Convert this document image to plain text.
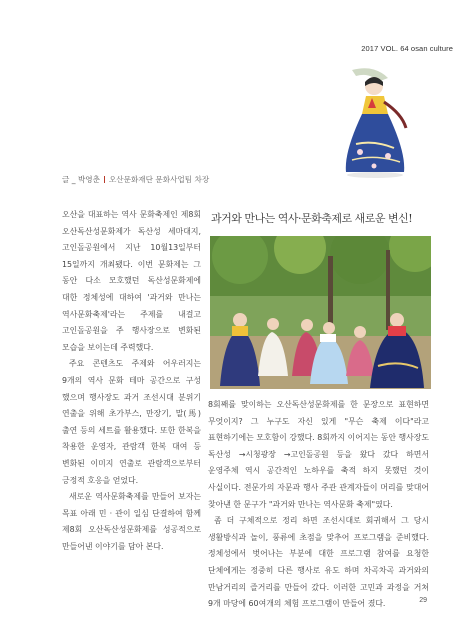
2017 VOL. 64 osan culture
글 _ 박영춘 오산문화재단 문화사업팀 차장

오산을 대표하는 역사 문화축제인 제8회 오산독산성문화제가 독산성 세마대지, 고인돌공원에서 지난 10월13일부터 15일까지 개최됐다. 이번 문화제는 그 동안 다소 모호했던 독산성문화제에 대한 정체성에 대하여 '과거와 만나는 역사문화축제'라는 주제를 내걸고 고인돌공원을 주 행사장으로 변화된 모습을 보이는데 주력했다.

주요 콘텐츠도 주제와 어우러지는 9개의 역사 문화 테마 공간으로 구성 했으며 행사장도 과거 조선시대 분위기 연출을 위해 초가부스, 만장기, 말(馬) 출연 등의 세트를 활용했다. 또한 한복을 착용한 운영자, 관람객 한복 대여 등 변화된 이미지 연출로 관람객으로부터 긍정적 호응을 얻었다.

새로운 역사문화축제를 만들어 보자는 목표 아래 민 · 관이 일심 단결하여 함께 제8회 오산독산성문화제를 성공적으로 만들어낸 이야기를 담아 본다.

과거와 만나는 역사·문화축제로 새로운 변신!

8회째를 맞이하는 오산독산성문화제를 한 문장으로 표현하면 무엇이지? 그 누구도 자신 있게 "무슨 축제 이다"라고 표현하기에는 모호함이 강했다. 8회까지 이어지는 동안 행사장도 독산성 →시청광장 →고인돌공원 등을 왔다 갔다 하면서 운영주체 역시 공간적인 노하우를 축적 하지 못했던 것이 사실이다. 전문가의 자문과 행사 주관 관계자들이 머리를 맞대어 찾아낸 한 문구가 "과거와 만나는 역사문화 축제"였다.

좀 더 구체적으로 정리 하면 조선시대로 회귀해서 그 당시 생활방식과 놀이, 풍류에 초점을 맞추어 프로그램을 준비했다. 정체성에서 벗어나는 부분에 대한 프로그램 참여를 요청한 단체에게는 정중히 다른 행사로 유도 하며 차곡차곡 과거와의 만남거리의 즐거리를 만들어 갔다. 이러한 고민과 과정을 거쳐 9개 마당에 60여개의 체험 프로그램이 만들어 졌다.	29
